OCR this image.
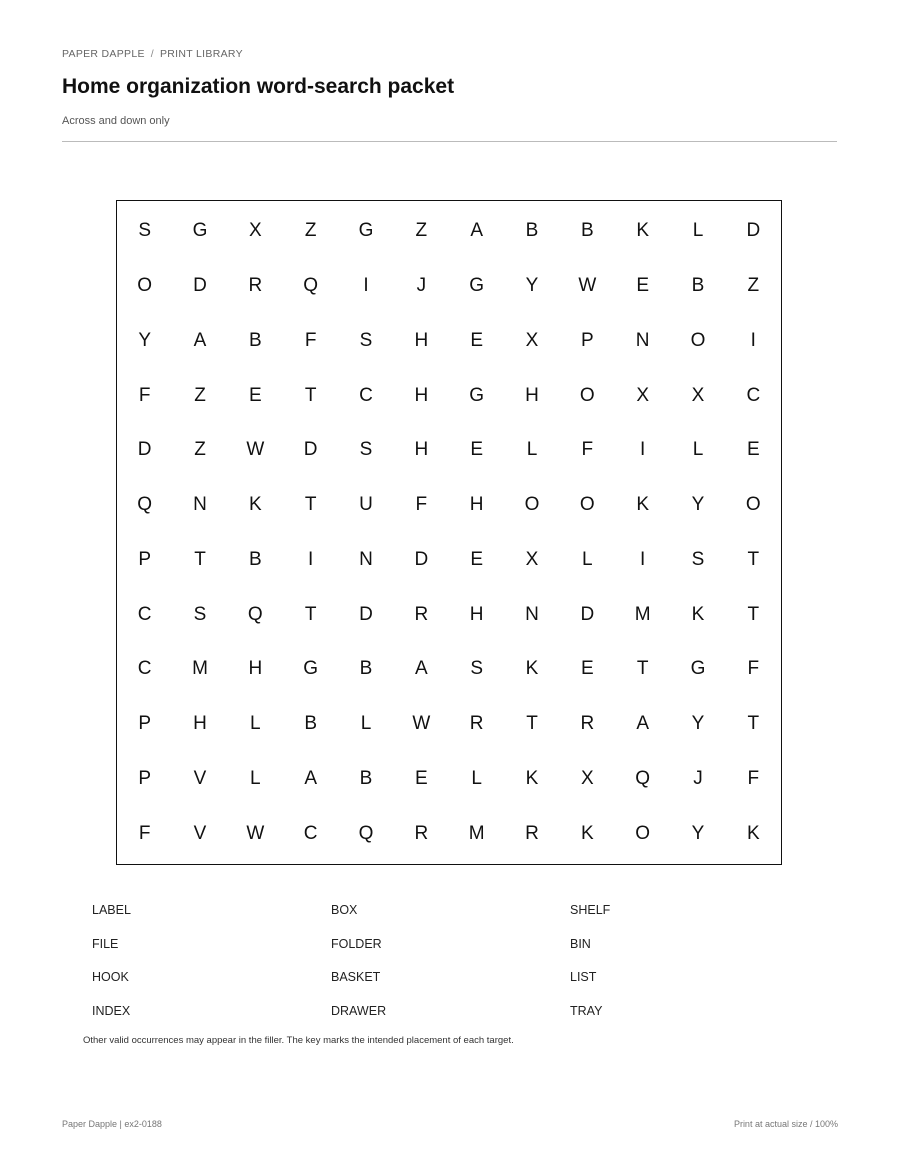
PAPER DAPPLE / PRINT LIBRARY
Home organization word-search packet

Across and down only

S	G	X	Z	G	Z	A	B	B	K	L	D
O	D	R	Q	I	J	G	Y	W	E	B	Z
Y	A	B	F	S	H	E	X	P	N	O	I
F	Z	E	T	C	H	G	H	O	X	X	C
D	Z	W	D	S	H	E	L	F	I	L	E
Q	N	K	T	U	F	H	O	O	K	Y	O
P	T	B	I	N	D	E	X	L	I	S	T
C	S	Q	T	D	R	H	N	D	M	K	T
C	M	H	G	B	A	S	K	E	T	G	F
P	H	L	B	L	W	R	T	R	A	Y	T
P	V	L	A	B	E	L	K	X	Q	J	F
F	V	W	C	Q	R	M	R	K	O	Y	K
LABEL	BOX	SHELF
FILE	FOLDER	BIN
HOOK	BASKET	LIST
INDEX	DRAWER	TRAY

Other valid occurrences may appear in the filler. The key marks the intended placement of each target.

Paper Dapple | ex2-0188	Print at actual size / 100%
